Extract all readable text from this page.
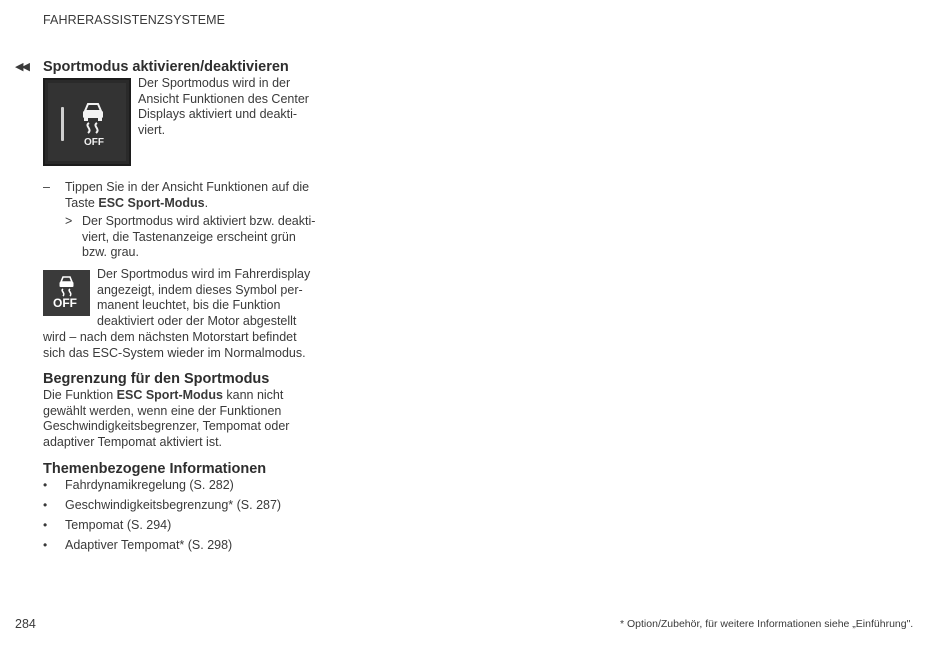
FAHRERASSISTENZSYSTEME
◀◀ Sportmodus aktivieren/deaktivieren
OFF
Der Sportmodus wird in der
Ansicht Funktionen des Center
Displays aktiviert und deakti-
viert.
– Tippen Sie in der Ansicht Funktionen auf die
Taste ESC Sport-Modus.
> Der Sportmodus wird aktiviert bzw. deakti-
viert, die Tastenanzeige erscheint grün
bzw. grau.
OFF
Der Sportmodus wird im Fahrerdisplay
angezeigt, indem dieses Symbol per-
manent leuchtet, bis die Funktion
deaktiviert oder der Motor abgestellt
wird – nach dem nächsten Motorstart befindet
sich das ESC-System wieder im Normalmodus.
Begrenzung für den Sportmodus
Die Funktion ESC Sport-Modus kann nicht
gewählt werden, wenn eine der Funktionen
Geschwindigkeitsbegrenzer, Tempomat oder
adaptiver Tempomat aktiviert ist.
Themenbezogene Informationen
• Fahrdynamikregelung (S. 282)
• Geschwindigkeitsbegrenzung* (S. 287)
• Tempomat (S. 294)
• Adaptiver Tempomat* (S. 298)
284	* Option/Zubehör, für weitere Informationen siehe „Einführung".
